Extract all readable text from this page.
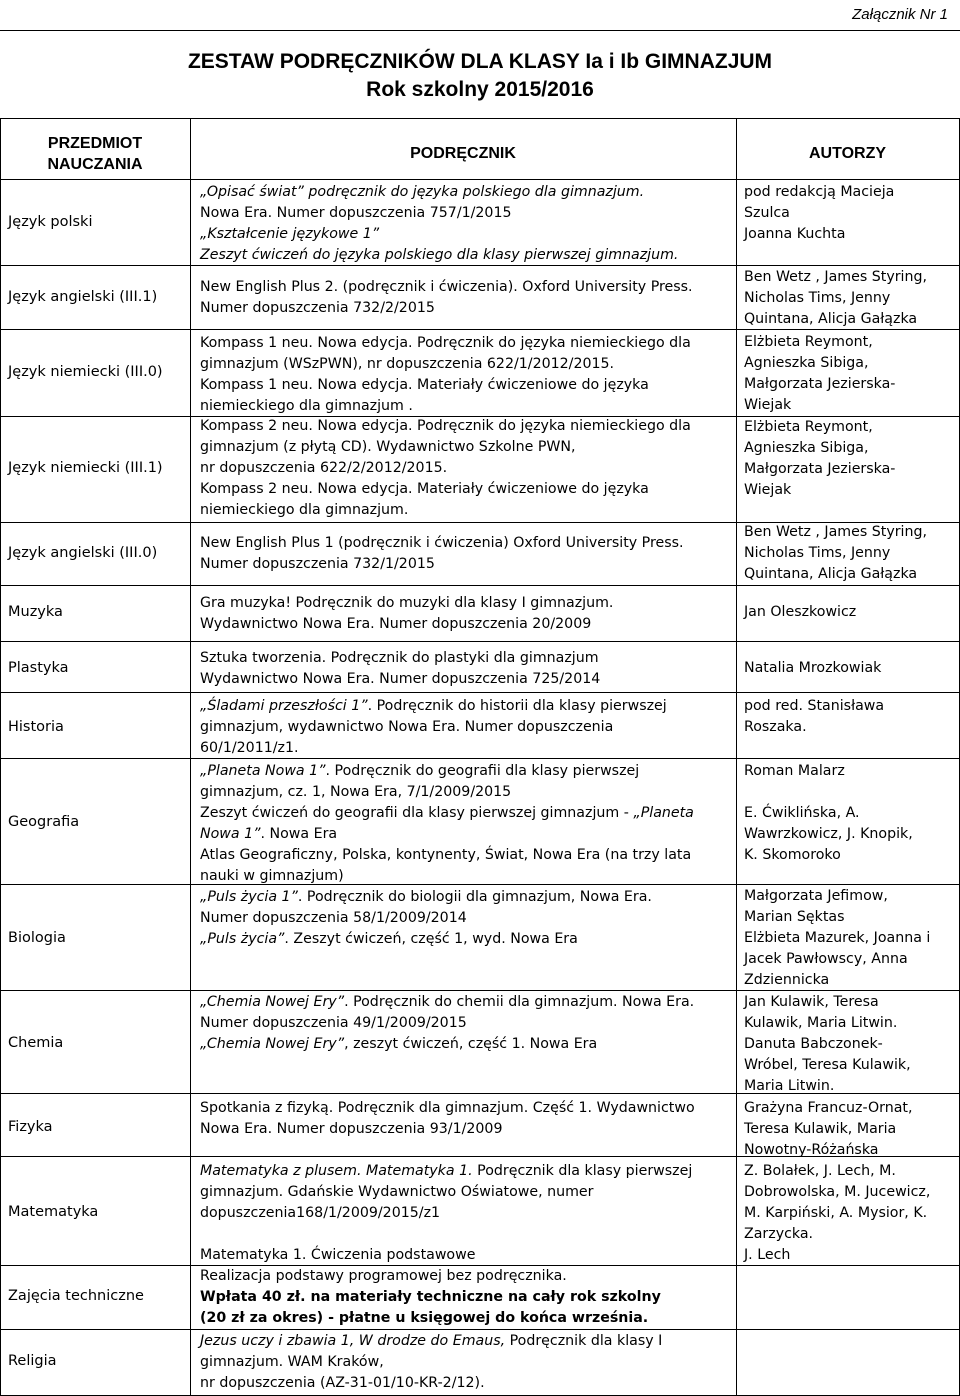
Załącznik Nr 1
ZESTAW PODRĘCZNIKÓW DLA KLASY Ia i Ib GIMNAZJUM
Rok szkolny 2015/2016
PRZEDMIOT
NAUCZANIA
PODRĘCZNIK	AUTORZY
Język polski
Język angielski (III.1)
Język niemiecki (III.0)
Język niemiecki (III.1)
Język angielski (III.0)
Muzyka
Plastyka
Historia
Geografia
Biologia
Chemia
Fizyka
Matematyka
Zajęcia techniczne
Religia
„Opisać świat” podręcznik do języka polskiego dla gimnazjum.
Nowa Era. Numer dopuszczenia 757/1/2015
„Kształcenie językowe 1”
Zeszyt ćwiczeń do języka polskiego dla klasy pierwszej gimnazjum.
New English Plus 2. (podręcznik i ćwiczenia). Oxford University Press.
Numer dopuszczenia 732/2/2015
Kompass 1 neu. Nowa edycja. Podręcznik do języka niemieckiego dla
gimnazjum (WSzPWN), nr dopuszczenia 622/1/2012/2015.
Kompass 1 neu. Nowa edycja. Materiały ćwiczeniowe do języka
niemieckiego dla gimnazjum .
Kompass 2 neu. Nowa edycja. Podręcznik do języka niemieckiego dla
gimnazjum (z płytą CD). Wydawnictwo Szkolne PWN,
nr dopuszczenia 622/2/2012/2015.
Kompass 2 neu. Nowa edycja. Materiały ćwiczeniowe do języka
niemieckiego dla gimnazjum.
New English Plus 1 (podręcznik i ćwiczenia) Oxford University Press.
Numer dopuszczenia 732/1/2015
Gra muzyka! Podręcznik do muzyki dla klasy I gimnazjum.
Wydawnictwo Nowa Era. Numer dopuszczenia 20/2009
Sztuka tworzenia. Podręcznik do plastyki dla gimnazjum
Wydawnictwo Nowa Era. Numer dopuszczenia 725/2014
„Śladami przeszłości 1”. Podręcznik do historii dla klasy pierwszej
gimnazjum, wydawnictwo Nowa Era. Numer dopuszczenia
60/1/2011/z1.
„Planeta Nowa 1”. Podręcznik do geografii dla klasy pierwszej
gimnazjum, cz. 1, Nowa Era, 7/1/2009/2015
Zeszyt ćwiczeń do geografii dla klasy pierwszej gimnazjum - „Planeta
Nowa 1”. Nowa Era
Atlas Geograficzny, Polska, kontynenty, Świat, Nowa Era (na trzy lata
nauki w gimnazjum)
„Puls życia 1”. Podręcznik do biologii dla gimnazjum, Nowa Era.
Numer dopuszczenia 58/1/2009/2014
„Puls życia”. Zeszyt ćwiczeń, część 1, wyd. Nowa Era
„Chemia Nowej Ery”. Podręcznik do chemii dla gimnazjum. Nowa Era.
Numer dopuszczenia 49/1/2009/2015
„Chemia Nowej Ery”, zeszyt ćwiczeń, część 1. Nowa Era
Spotkania z fizyką. Podręcznik dla gimnazjum. Część 1. Wydawnictwo
Nowa Era. Numer dopuszczenia 93/1/2009
Matematyka z plusem. Matematyka 1. Podręcznik dla klasy pierwszej
gimnazjum. Gdańskie Wydawnictwo Oświatowe, numer
dopuszczenia168/1/2009/2015/z1
Matematyka 1. Ćwiczenia podstawowe
Realizacja podstawy programowej bez podręcznika.
Wpłata 40 zł. na materiały techniczne na cały rok szkolny
(20 zł za okres) - płatne u księgowej do końca września.
Jezus uczy i zbawia 1, W drodze do Emaus, Podręcznik dla klasy I
gimnazjum. WAM Kraków,
nr dopuszczenia (AZ-31-01/10-KR-2/12).
pod redakcją Macieja
Szulca
Joanna Kuchta
Ben Wetz , James Styring,
Nicholas Tims, Jenny
Quintana, Alicja Gałązka
Elżbieta Reymont,
Agnieszka Sibiga,
Małgorzata Jezierska-
Wiejak
Elżbieta Reymont,
Agnieszka Sibiga,
Małgorzata Jezierska-
Wiejak
Ben Wetz , James Styring,
Nicholas Tims, Jenny
Quintana, Alicja Gałązka
Jan Oleszkowicz
Natalia Mrozkowiak
pod red. Stanisława
Roszaka.
Roman Malarz
E. Ćwiklińska, A.
Wawrzkowicz, J. Knopik,
K. Skomoroko
Małgorzata Jefimow,
Marian Sęktas
Elżbieta Mazurek, Joanna i
Jacek Pawłowscy, Anna
Zdziennicka
Jan Kulawik, Teresa
Kulawik, Maria Litwin.
Danuta Babczonek-
Wróbel, Teresa Kulawik,
Maria Litwin.
Grażyna Francuz-Ornat,
Teresa Kulawik, Maria
Nowotny-Różańska
Z. Bolałek, J. Lech, M.
Dobrowolska, M. Jucewicz,
M. Karpiński, A. Mysior, K.
Zarzycka.
J. Lech
